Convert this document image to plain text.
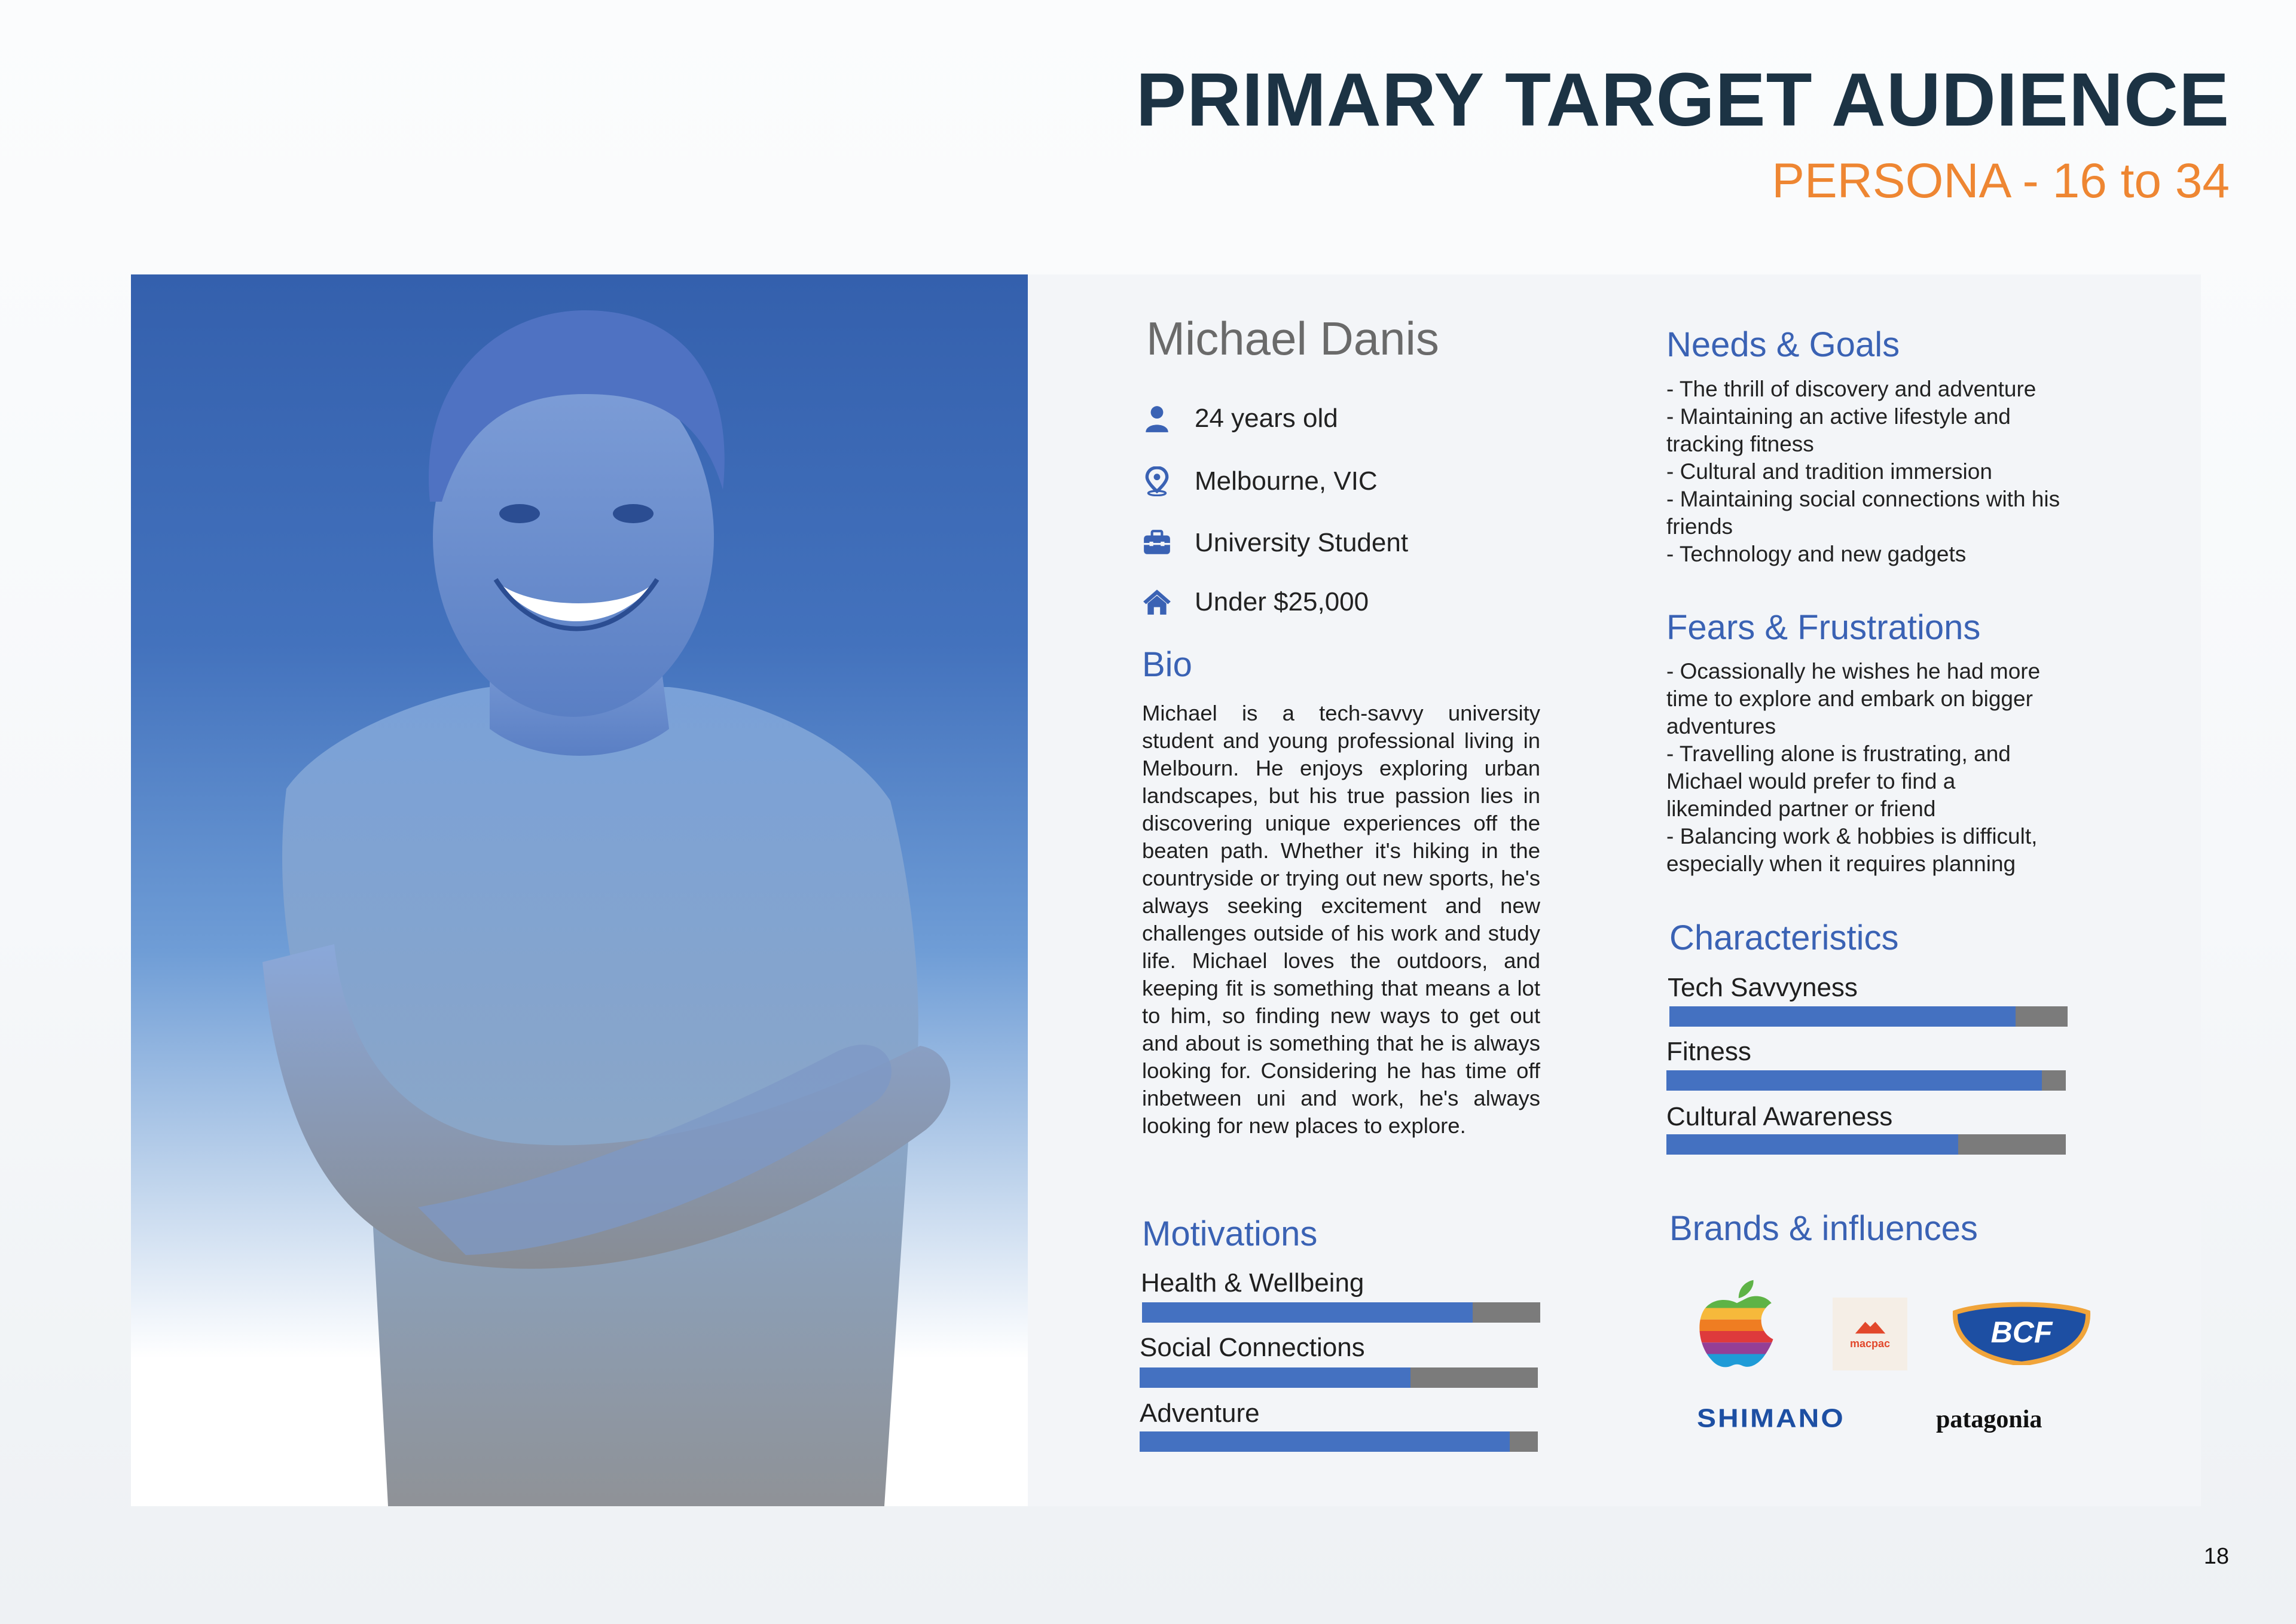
PRIMARY TARGET AUDIENCE
PERSONA - 16 to 34
Michael Danis
24 years old
Melbourne, VIC
University Student
Under $25,000
Bio

Michael is a tech-savvy university student and young professional living in Melbourn. He enjoys exploring urban landscapes, but his true passion lies in discovering unique experiences off the beaten path. Whether it's hiking in the countryside or trying out new sports, he's always seeking excitement and new challenges outside of his work and study life. Michael loves the outdoors, and keeping fit is something that means a lot to him, so finding new ways to get out and about is something that he is always looking for. Considering he has time off inbetween uni and work, he's always looking for new places to explore.

Motivations
Health & Wellbeing
Social Connections
Adventure
Needs & Goals
- The thrill of discovery and adventure
- Maintaining an active lifestyle and
tracking fitness
- Cultural and tradition immersion
- Maintaining social connections with his
friends
- Technology and new gadgets
Fears & Frustrations
- Ocassionally he wishes he had more
time to explore and embark on bigger
adventures
- Travelling alone is frustrating, and
Michael would prefer to find a
likeminded partner or friend
- Balancing work & hobbies is difficult,
especially when it requires planning
Characteristics
Tech Savvyness
Fitness
Cultural Awareness
Brands & influences
macpac	BCF
SHIMANO	patagonia
18
